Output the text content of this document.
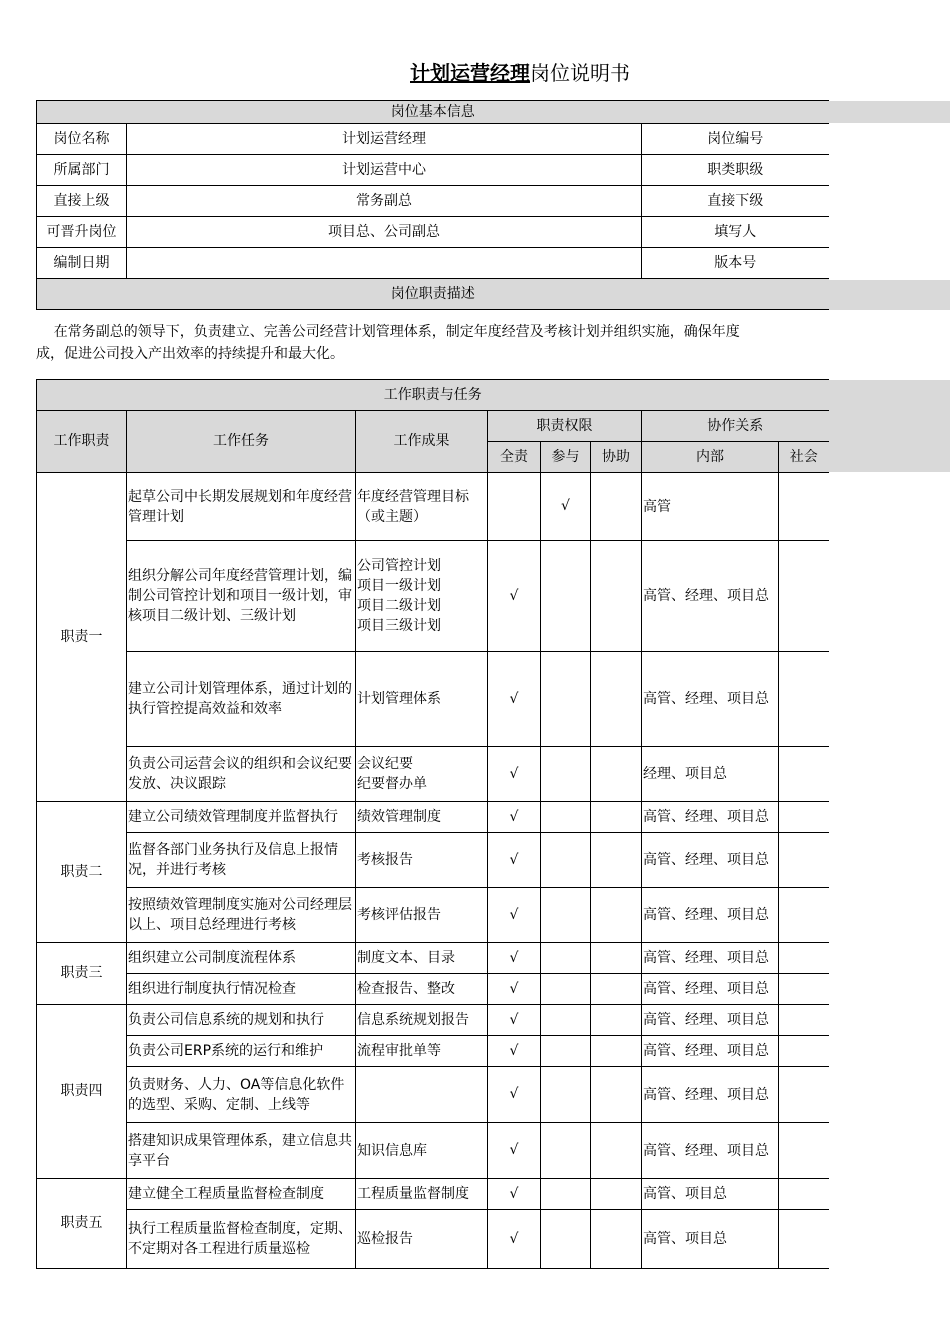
计划运营经理岗位说明书
岗位基本信息		
岗位名称	计划运营经理	岗位编号
所属部门	计划运营中心	职类职级
直接上级	常务副总	直接下级
可晋升岗位	项目总、公司副总	填写人
编制日期		版本号
岗位职责描述		
在常务副总的领导下，负责建立、完善公司经营计划管理体系，制定年度经营及考核计划并组织实施，确保年度
成，促进公司投入产出效率的持续提升和最大化。
工作职责与任务							
工作职责	工作任务	工作成果	职责权限			协作关系	
			全责	参与	协助	内部	社会
职责一	起草公司中长期发展规划和年度经营管理计划	年度经营管理目标（或主题）		√		高管	
	组织分解公司年度经营管理计划，编制公司管控计划和项目一级计划，审核项目二级计划、三级计划	公司管控计划
项目一级计划
项目二级计划
项目三级计划	√			高管、经理、项目总	
	建立公司计划管理体系，通过计划的执行管控提高效益和效率	计划管理体系	√			高管、经理、项目总	
	负责公司运营会议的组织和会议纪要发放、决议跟踪	会议纪要
纪要督办单	√			经理、项目总	
职责二	建立公司绩效管理制度并监督执行	绩效管理制度	√			高管、经理、项目总	
	监督各部门业务执行及信息上报情况，并进行考核	考核报告	√			高管、经理、项目总	
	按照绩效管理制度实施对公司经理层以上、项目总经理进行考核	考核评估报告	√			高管、经理、项目总	
职责三	组织建立公司制度流程体系	制度文本、目录	√			高管、经理、项目总	
	组织进行制度执行情况检查	检查报告、整改	√			高管、经理、项目总	
职责四	负责公司信息系统的规划和执行	信息系统规划报告	√			高管、经理、项目总	
	负责公司ERP系统的运行和维护	流程审批单等	√			高管、经理、项目总	
	负责财务、人力、OA等信息化软件的选型、采购、定制、上线等		√			高管、经理、项目总	
	搭建知识成果管理体系，建立信息共享平台	知识信息库	√			高管、经理、项目总	
职责五	建立健全工程质量监督检查制度	工程质量监督制度	√			高管、项目总	
	执行工程质量监督检查制度，定期、不定期对各工程进行质量巡检	巡检报告	√			高管、项目总	
